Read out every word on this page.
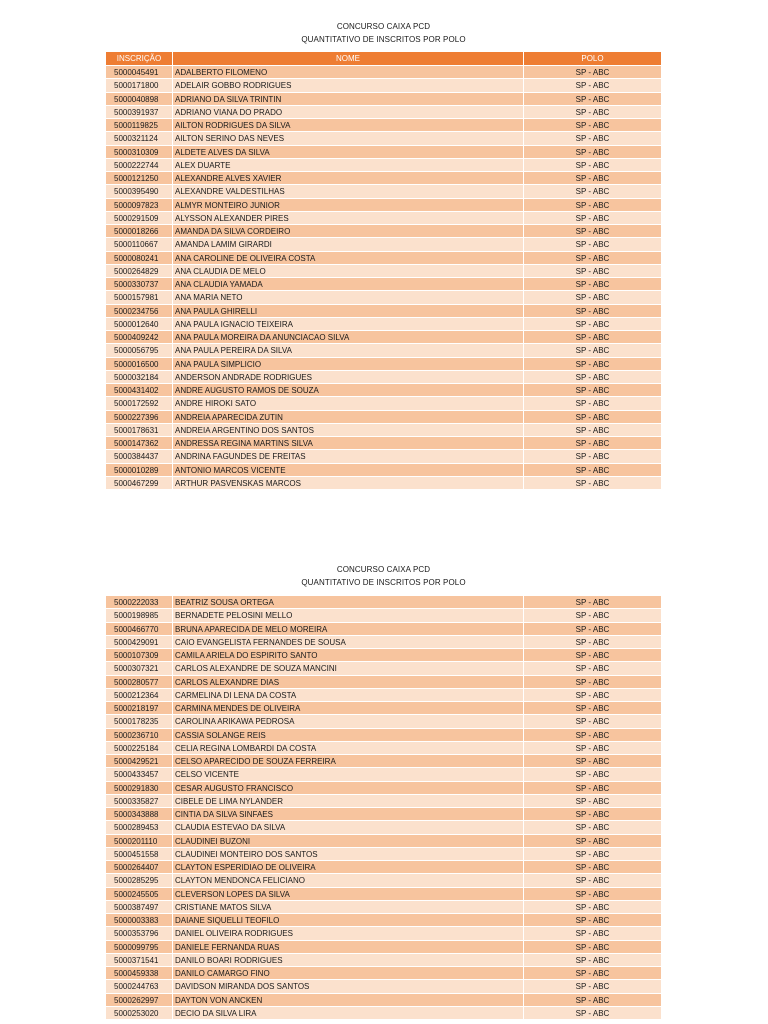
CONCURSO CAIXA PCD
QUANTITATIVO DE INSCRITOS POR POLO
INSCRIÇÃO	NOME	POLO
5000045491	ADALBERTO FILOMENO	SP - ABC
5000171800	ADELAIR GOBBO RODRIGUES	SP - ABC
5000040898	ADRIANO DA SILVA TRINTIN	SP - ABC
5000391937	ADRIANO VIANA DO PRADO	SP - ABC
5000119825	AILTON RODRIGUES DA SILVA	SP - ABC
5000321124	AILTON SERINO DAS NEVES	SP - ABC
5000310309	ALDETE ALVES DA SILVA	SP - ABC
5000222744	ALEX DUARTE	SP - ABC
5000121250	ALEXANDRE ALVES XAVIER	SP - ABC
5000395490	ALEXANDRE VALDESTILHAS	SP - ABC
5000097823	ALMYR MONTEIRO JUNIOR	SP - ABC
5000291509	ALYSSON ALEXANDER PIRES	SP - ABC
5000018266	AMANDA DA SILVA CORDEIRO	SP - ABC
5000110667	AMANDA LAMIM GIRARDI	SP - ABC
5000080241	ANA CAROLINE DE OLIVEIRA COSTA	SP - ABC
5000264829	ANA CLAUDIA DE MELO	SP - ABC
5000330737	ANA CLAUDIA YAMADA	SP - ABC
5000157981	ANA MARIA NETO	SP - ABC
5000234756	ANA PAULA GHIRELLI	SP - ABC
5000012640	ANA PAULA IGNACIO TEIXEIRA	SP - ABC
5000409242	ANA PAULA MOREIRA DA ANUNCIACAO SILVA	SP - ABC
5000056795	ANA PAULA PEREIRA DA SILVA	SP - ABC
5000016500	ANA PAULA SIMPLICIO	SP - ABC
5000032184	ANDERSON ANDRADE RODRIGUES	SP - ABC
5000431402	ANDRE AUGUSTO RAMOS DE SOUZA	SP - ABC
5000172592	ANDRE HIROKI SATO	SP - ABC
5000227396	ANDREIA APARECIDA ZUTIN	SP - ABC
5000178631	ANDREIA ARGENTINO DOS SANTOS	SP - ABC
5000147362	ANDRESSA REGINA MARTINS SILVA	SP - ABC
5000384437	ANDRINA FAGUNDES DE FREITAS	SP - ABC
5000010289	ANTONIO MARCOS VICENTE	SP - ABC
5000467299	ARTHUR PASVENSKAS MARCOS	SP - ABC
CONCURSO CAIXA PCD
QUANTITATIVO DE INSCRITOS POR POLO
5000222033	BEATRIZ SOUSA ORTEGA	SP - ABC
5000198985	BERNADETE PELOSINI MELLO	SP - ABC
5000466770	BRUNA APARECIDA DE MELO MOREIRA	SP - ABC
5000429091	CAIO EVANGELISTA FERNANDES DE SOUSA	SP - ABC
5000107309	CAMILA ARIELA DO ESPIRITO SANTO	SP - ABC
5000307321	CARLOS ALEXANDRE DE SOUZA MANCINI	SP - ABC
5000280577	CARLOS ALEXANDRE DIAS	SP - ABC
5000212364	CARMELINA DI LENA DA COSTA	SP - ABC
5000218197	CARMINA MENDES DE OLIVEIRA	SP - ABC
5000178235	CAROLINA ARIKAWA PEDROSA	SP - ABC
5000236710	CASSIA SOLANGE REIS	SP - ABC
5000225184	CELIA REGINA LOMBARDI DA COSTA	SP - ABC
5000429521	CELSO APARECIDO DE SOUZA FERREIRA	SP - ABC
5000433457	CELSO VICENTE	SP - ABC
5000291830	CESAR AUGUSTO FRANCISCO	SP - ABC
5000335827	CIBELE DE LIMA NYLANDER	SP - ABC
5000343888	CINTIA DA SILVA SINFAES	SP - ABC
5000289453	CLAUDIA ESTEVAO DA SILVA	SP - ABC
5000201110	CLAUDINEI BUZONI	SP - ABC
5000451558	CLAUDINEI MONTEIRO DOS SANTOS	SP - ABC
5000264407	CLAYTON ESPERIDIAO DE OLIVEIRA	SP - ABC
5000285295	CLAYTON MENDONCA FELICIANO	SP - ABC
5000245505	CLEVERSON LOPES DA SILVA	SP - ABC
5000387497	CRISTIANE MATOS SILVA	SP - ABC
5000003383	DAIANE SIQUELLI TEOFILO	SP - ABC
5000353796	DANIEL OLIVEIRA RODRIGUES	SP - ABC
5000099795	DANIELE FERNANDA RUAS	SP - ABC
5000371541	DANILO BOARI RODRIGUES	SP - ABC
5000459338	DANILO CAMARGO FINO	SP - ABC
5000244763	DAVIDSON MIRANDA DOS SANTOS	SP - ABC
5000262997	DAYTON VON ANCKEN	SP - ABC
5000253020	DECIO DA SILVA LIRA	SP - ABC
